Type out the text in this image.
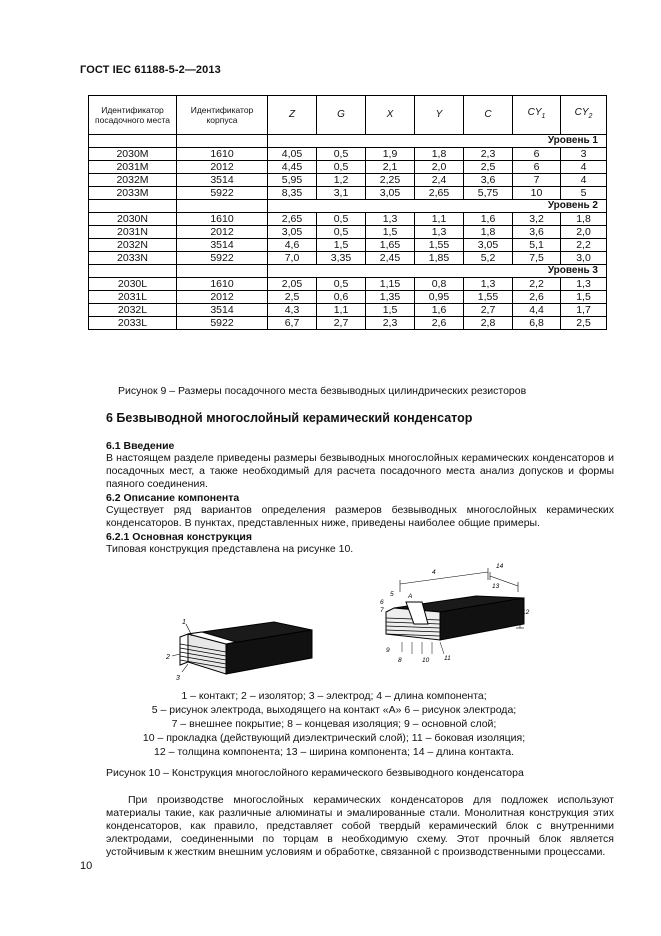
ГОСТ IEC 61188-5-2—2013
Идентификатор посадочного места	Идентификатор корпуса	Z	G	X	Y	C	$CY_1$	$CY_2$
		Уровень 1						
2030M	1610	4,05	0,5	1,9	1,8	2,3	6	3
2031M	2012	4,45	0,5	2,1	2,0	2,5	6	4
2032M	3514	5,95	1,2	2,25	2,4	3,6	7	4
2033M	5922	8,35	3,1	3,05	2,65	5,75	10	5
		Уровень 2						
2030N	1610	2,65	0,5	1,3	1,1	1,6	3,2	1,8
2031N	2012	3,05	0,5	1,5	1,3	1,8	3,6	2,0
2032N	3514	4,6	1,5	1,65	1,55	3,05	5,1	2,2
2033N	5922	7,0	3,35	2,45	1,85	5,2	7,5	3,0
		Уровень 3						
2030L	1610	2,05	0,5	1,15	0,8	1,3	2,2	1,3
2031L	2012	2,5	0,6	1,35	0,95	1,55	2,6	1,5
2032L	3514	4,3	1,1	1,5	1,6	2,7	4,4	1,7
2033L	5922	6,7	2,7	2,3	2,6	2,8	6,8	2,5
Рисунок 9 – Размеры посадочного места безвыводных цилиндрических резисторов
6 Безвыводной многослойный керамический конденсатор
6.1 Введение
В настоящем разделе приведены размеры безвыводных многослойных керамических конденсаторов и посадочных мест, а также необходимый для расчета посадочного места анализ допусков и формы паяного соединения.
6.2 Описание компонента
Существует ряд вариантов определения размеров безвыводных многослойных керамических конденсаторов. В пунктах, представленных ниже, приведены наиболее общие примеры.
6.2.1 Основная конструкция
Типовая конструкция представлена на рисунке 10.
1
2
3
4
14
13
12
9
8	10 11
5
6
7
A
1 – контакт; 2 – изолятор; 3 – электрод; 4 – длина компонента;
5 – рисунок электрода, выходящего на контакт «А» 6 – рисунок электрода;
7 – внешнее покрытие; 8 – концевая изоляция; 9 – основной слой;
10 – прокладка (действующий диэлектрический слой); 11 – боковая изоляция;
12 – толщина компонента; 13 – ширина компонента; 14 – длина контакта.
Рисунок 10 – Конструкция многослойного керамического безвыводного конденсатора
При производстве многослойных керамических конденсаторов для подложек используют материалы такие, как различные алюминаты и эмалированные стали. Монолитная конструкция этих конденсаторов, как правило, представляет собой твердый керамический блок с внутренними электродами, соединенными по торцам в необходимую схему. Этот прочный блок является устойчивым к жестким внешним условиям и обработке, связанной с производственными процессами.
10
